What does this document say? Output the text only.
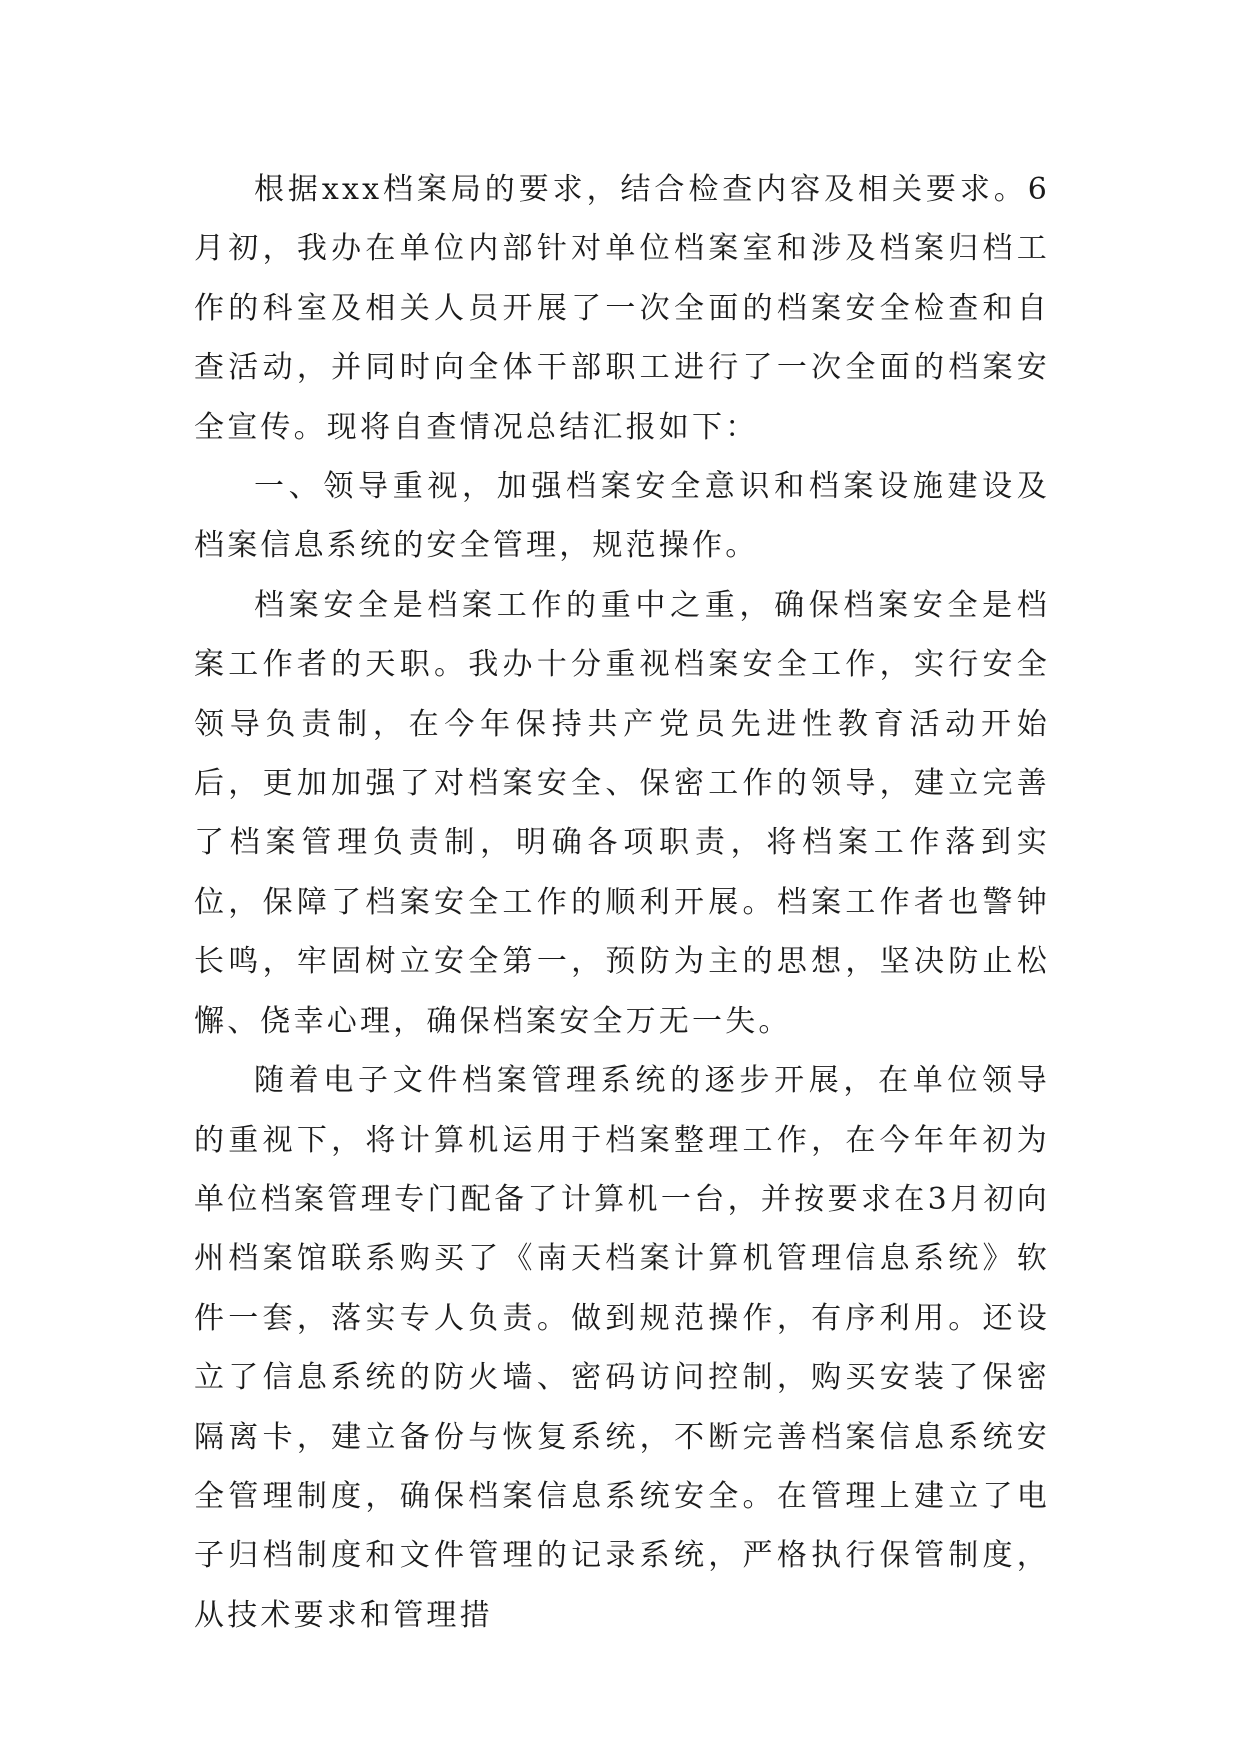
根据xxx档案局的要求，结合检查内容及相关要求。6月初，我办在单位内部针对单位档案室和涉及档案归档工作的科室及相关人员开展了一次全面的档案安全检查和自查活动，并同时向全体干部职工进行了一次全面的档案安全宣传。现将自查情况总结汇报如下：

一、领导重视，加强档案安全意识和档案设施建设及档案信息系统的安全管理，规范操作。

档案安全是档案工作的重中之重，确保档案安全是档案工作者的天职。我办十分重视档案安全工作，实行安全领导负责制，在今年保持共产党员先进性教育活动开始后，更加加强了对档案安全、保密工作的领导，建立完善了档案管理负责制，明确各项职责，将档案工作落到实位，保障了档案安全工作的顺利开展。档案工作者也警钟长鸣，牢固树立安全第一，预防为主的思想，坚决防止松懈、侥幸心理，确保档案安全万无一失。

随着电子文件档案管理系统的逐步开展，在单位领导的重视下，将计算机运用于档案整理工作，在今年年初为单位档案管理专门配备了计算机一台，并按要求在3月初向州档案馆联系购买了《南天档案计算机管理信息系统》软件一套，落实专人负责。做到规范操作，有序利用。还设立了信息系统的防火墙、密码访问控制，购买安装了保密隔离卡，建立备份与恢复系统，不断完善档案信息系统安全管理制度，确保档案信息系统安全。在管理上建立了电子归档制度和文件管理的记录系统，严格执行保管制度，从技术要求和管理措
